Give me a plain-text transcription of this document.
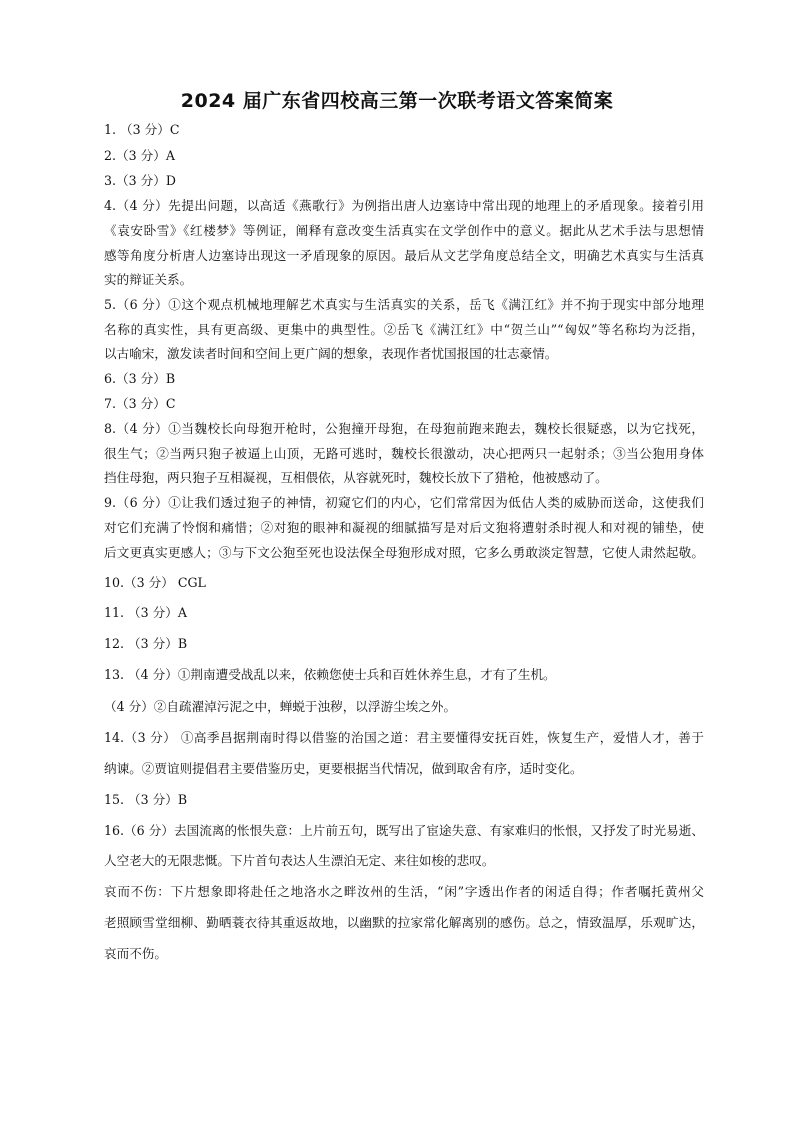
2024 届广东省四校高三第一次联考语文答案简案
1. （3 分）C
2.（3 分）A
3.（3 分）D
4.（4 分）先提出问题，以高适《燕歌行》为例指出唐人边塞诗中常出现的地理上的矛盾现象。接着引用
《袁安卧雪》《红楼梦》等例证，阐释有意改变生活真实在文学创作中的意义。据此从艺术手法与思想情
感等角度分析唐人边塞诗出现这一矛盾现象的原因。最后从文艺学角度总结全文，明确艺术真实与生活真
实的辩证关系。
5.（6 分）①这个观点机械地理解艺术真实与生活真实的关系，岳飞《满江红》并不拘于现实中部分地理
名称的真实性，具有更高级、更集中的典型性。②岳飞《满江红》中“贺兰山”“匈奴”等名称均为泛指，
以古喻宋，激发读者时间和空间上更广阔的想象，表现作者忧国报国的壮志豪情。
6.（3 分）B
7.（3 分）C
8.（4 分）①当魏校长向母狍开枪时，公狍撞开母狍，在母狍前跑来跑去，魏校长很疑惑，以为它找死，
很生气；②当两只狍子被逼上山顶，无路可逃时，魏校长很激动，决心把两只一起射杀；③当公狍用身体
挡住母狍，两只狍子互相凝视，互相偎依，从容就死时，魏校长放下了猎枪，他被感动了。
9.（6 分）①让我们透过狍子的神情，初窥它们的内心，它们常常因为低估人类的威胁而送命，这使我们
对它们充满了怜悯和痛惜；②对狍的眼神和凝视的细腻描写是对后文狍将遭射杀时视人和对视的铺垫，使
后文更真实更感人；③与下文公狍至死也设法保全母狍形成对照，它多么勇敢淡定智慧，它使人肃然起敬。
10.（3 分） CGL
11. （3 分）A
12. （3 分）B
13. （4 分）①荆南遭受战乱以来，依赖您使士兵和百姓休养生息，才有了生机。
（4 分）②自疏濯淖污泥之中，蝉蜕于浊秽，以浮游尘埃之外。
14.（3 分） ①高季昌据荆南时得以借鉴的治国之道：君主要懂得安抚百姓，恢复生产，爱惜人才，善于
纳谏。②贾谊则提倡君主要借鉴历史，更要根据当代情况，做到取舍有序，适时变化。
15. （3 分）B
16.（6 分）去国流离的怅恨失意：上片前五句，既写出了宦途失意、有家难归的怅恨，又抒发了时光易逝、
人空老大的无限悲慨。下片首句表达人生漂泊无定、来往如梭的悲叹。
哀而不伤：下片想象即将赴任之地洛水之畔汝州的生活，“闲”字透出作者的闲适自得；作者嘱托黄州父
老照顾雪堂细柳、勤晒蓑衣待其重返故地，以幽默的拉家常化解离别的感伤。总之，情致温厚，乐观旷达，
哀而不伤。
